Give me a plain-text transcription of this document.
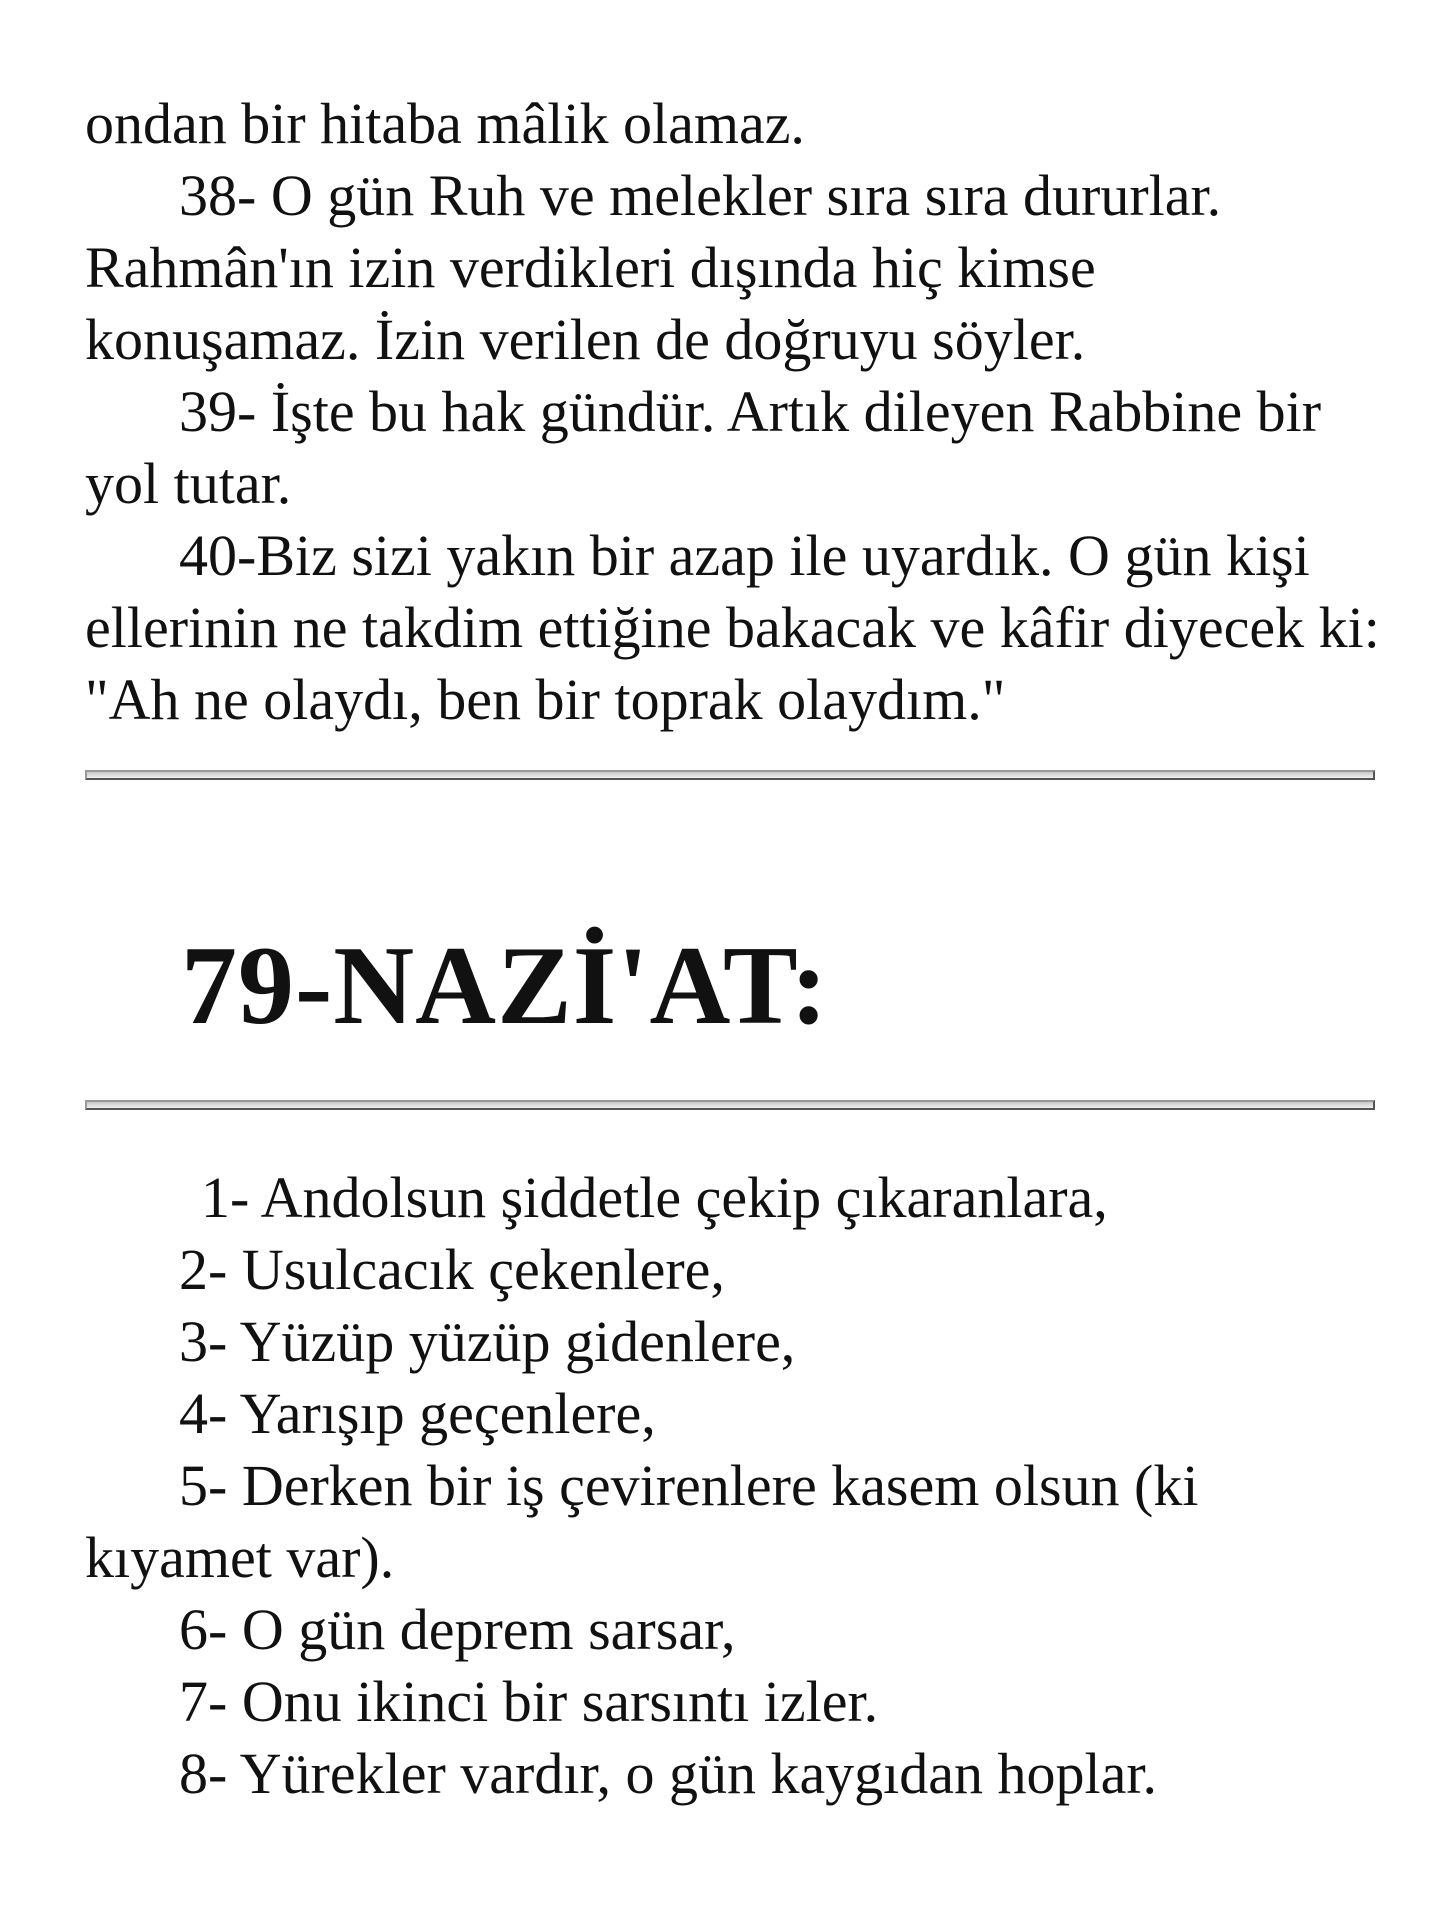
ondan bir hitaba mâlik olamaz.

38- O gün Ruh ve melekler sıra sıra dururlar. Rahmân'ın izin verdikleri dışında hiç kimse konuşamaz. İzin verilen de doğruyu söyler.

39- İşte bu hak gündür. Artık dileyen Rabbine bir yol tutar.

40-Biz sizi yakın bir azap ile uyardık. O gün kişi ellerinin ne takdim ettiğine bakacak ve kâfir diyecek ki: "Ah ne olaydı, ben bir toprak olaydım."

79-NAZİ'AT:

1- Andolsun şiddetle çekip çıkaranlara,

2- Usulcacık çekenlere,

3- Yüzüp yüzüp gidenlere,

4- Yarışıp geçenlere,

5- Derken bir iş çevirenlere kasem olsun (ki kıyamet var).

6- O gün deprem sarsar,

7- Onu ikinci bir sarsıntı izler.

8- Yürekler vardır, o gün kaygıdan hoplar.
